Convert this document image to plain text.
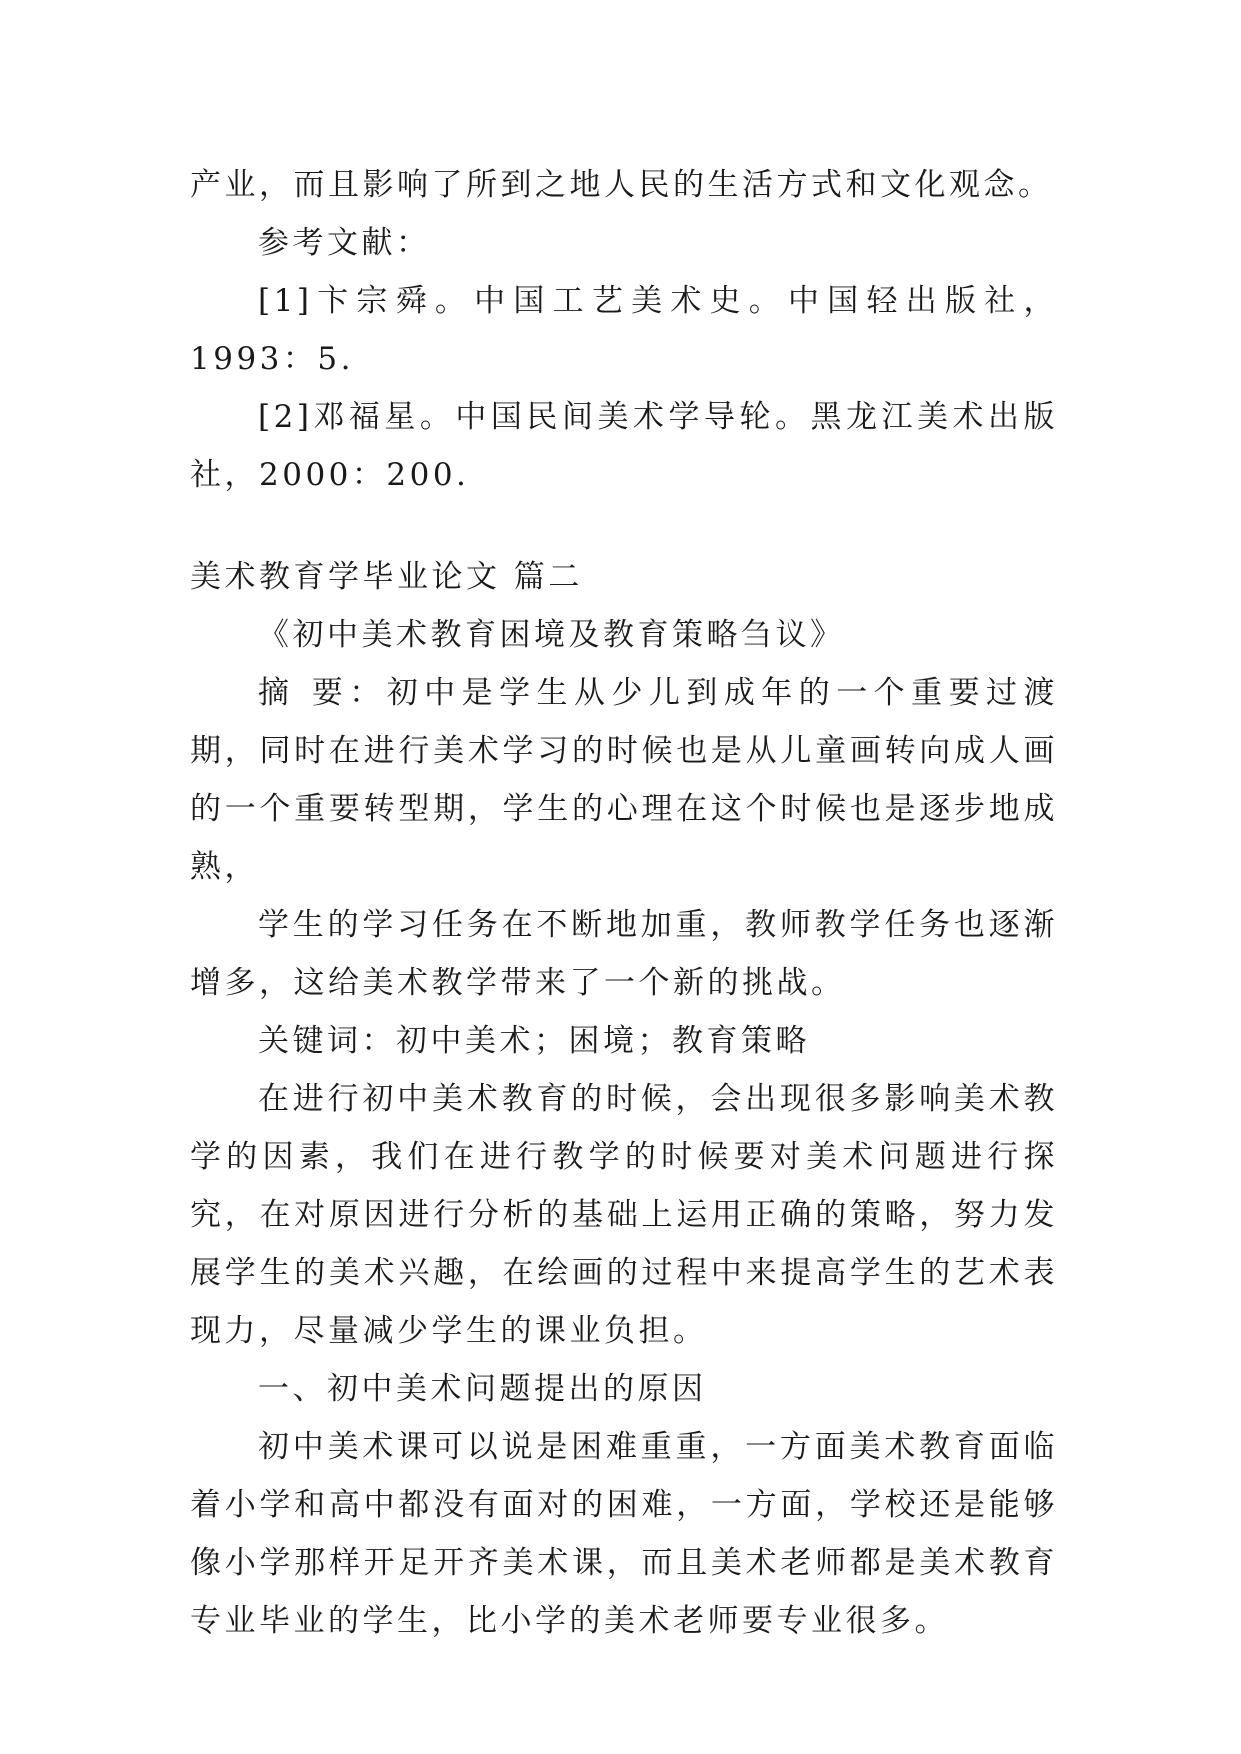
产业，而且影响了所到之地人民的生活方式和文化观念。

参考文献：

[1]卞宗舜。中国工艺美术史。中国轻出版社，1993：5.

[2]邓福星。中国民间美术学导轮。黑龙江美术出版社，2000：200.

美术教育学毕业论文 篇二

《初中美术教育困境及教育策略刍议》

摘 要：初中是学生从少儿到成年的一个重要过渡期，同时在进行美术学习的时候也是从儿童画转向成人画的一个重要转型期，学生的心理在这个时候也是逐步地成熟，

学生的学习任务在不断地加重，教师教学任务也逐渐增多，这给美术教学带来了一个新的挑战。

关键词：初中美术；困境；教育策略

在进行初中美术教育的时候，会出现很多影响美术教学的因素，我们在进行教学的时候要对美术问题进行探究，在对原因进行分析的基础上运用正确的策略，努力发展学生的美术兴趣，在绘画的过程中来提高学生的艺术表现力，尽量减少学生的课业负担。

一、初中美术问题提出的原因

初中美术课可以说是困难重重，一方面美术教育面临着小学和高中都没有面对的困难，一方面，学校还是能够像小学那样开足开齐美术课，而且美术老师都是美术教育专业毕业的学生，比小学的美术老师要专业很多。
